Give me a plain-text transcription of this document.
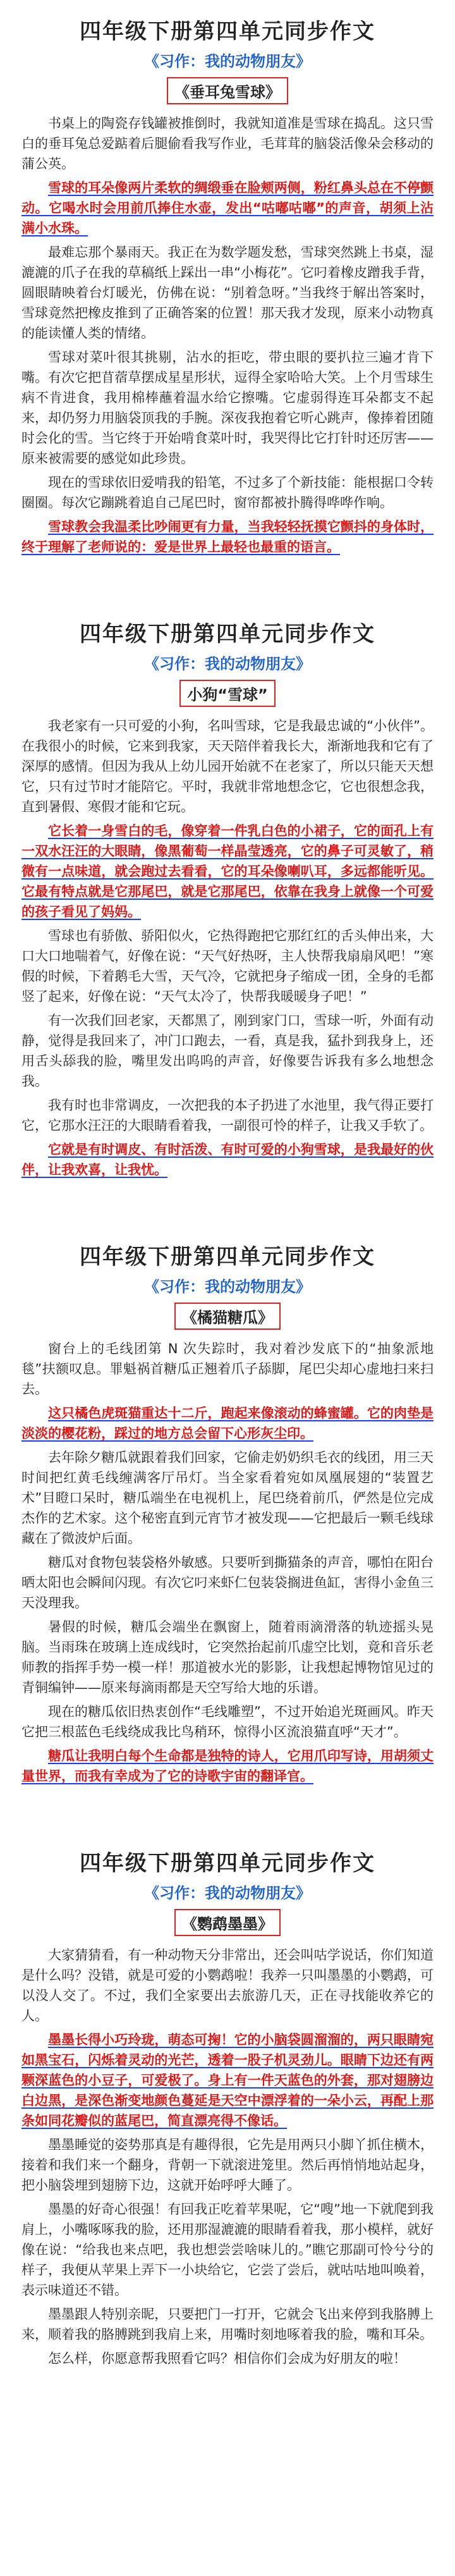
四年级下册第四单元同步作文
《习作：我的动物朋友》
《垂耳兔雪球》

书桌上的陶瓷存钱罐被推倒时，我就知道准是雪球在捣乱。这只雪白的垂耳兔总爱踮着后腿偷看我写作业，毛茸茸的脑袋活像朵会移动的蒲公英。

雪球的耳朵像两片柔软的绸缎垂在脸颊两侧，粉红鼻头总在不停颤动。它喝水时会用前爪捧住水壶，发出“咕嘟咕嘟”的声音，胡须上沾满小水珠。

最难忘那个暴雨天。我正在为数学题发愁，雪球突然跳上书桌，湿漉漉的爪子在我的草稿纸上踩出一串“小梅花”。它叼着橡皮蹭我手背，圆眼睛映着台灯暖光，仿佛在说：“别着急呀。”当我终于解出答案时，雪球竟然把橡皮推到了正确答案的位置！那天我才发现，原来小动物真的能读懂人类的情绪。

雪球对菜叶很其挑剔，沾水的拒吃，带虫眼的要扒拉三遍才肯下嘴。有次它把苜蓿草摆成星星形状，逗得全家哈哈大笑。上个月雪球生病不肯进食，我用棉棒蘸着温水给它擦嘴。它虚弱得连耳朵都支不起来，却仍努力用脑袋顶我的手腕。深夜我抱着它听心跳声，像捧着团随时会化的雪。当它终于开始啃食菜叶时，我哭得比它打针时还厉害——原来被需要的感觉如此珍贵。

现在的雪球依旧爱啃我的铅笔，不过多了个新技能：能根据口令转圈圈。每次它蹦跳着追自己尾巴时，窗帘都被扑腾得哗哗作响。

雪球教会我温柔比吵闹更有力量，当我轻轻抚摸它颤抖的身体时，终于理解了老师说的：爱是世界上最轻也最重的语言。

四年级下册第四单元同步作文
《习作：我的动物朋友》
小狗“雪球”

我老家有一只可爱的小狗，名叫雪球，它是我最忠诚的“小伙伴”。在我很小的时候，它来到我家，天天陪伴着我长大，渐渐地我和它有了深厚的感情。但因为我从上幼儿园开始就不在老家了，所以只能天天想它，只有过节时才能陪它。平时，我就非常地想念它，它也很想念我，直到暑假、寒假才能和它玩。

它长着一身雪白的毛，像穿着一件乳白色的小裙子，它的面孔上有一双水汪汪的大眼睛，像黑葡萄一样晶莹透亮，它的鼻子可灵敏了，稍微有一点味道，就会跑过去看看，它的耳朵像喇叭耳，多远都能听见。它最有特点就是它那尾巴，就是它那尾巴，依靠在我身上就像一个可爱的孩子看见了妈妈。

雪球也有骄傲、骄阳似火，它热得跑把它那红红的舌头伸出来，大口大口地喘着气，好像在说：“天气好热呀，主人快帮我扇扇风吧！”寒假的时候，下着鹅毛大雪，天气冷，它就把身子缩成一团，全身的毛都竖了起来，好像在说：“天气太冷了，快帮我暖暖身子吧！”

有一次我们回老家，天都黑了，刚到家门口，雪球一听，外面有动静，觉得是我回来了，冲门口跑去，一看，真是我，猛扑到我身上，还用舌头舔我的脸，嘴里发出呜呜的声音，好像要告诉我有多么地想念我。

我有时也非常调皮，一次把我的本子扔进了水池里，我气得正要打它，它那水汪汪的大眼睛看着我，一副很可怜的样子，让我又手软了。

它就是有时调皮、有时活泼、有时可爱的小狗雪球，是我最好的伙伴，让我欢喜，让我忧。

四年级下册第四单元同步作文
《习作：我的动物朋友》
《橘猫糖瓜》

窗台上的毛线团第 N 次失踪时，我对着沙发底下的“抽象派地毯”扶额叹息。罪魁祸首糖瓜正翘着爪子舔脚，尾巴尖却心虚地扫来扫去。

这只橘色虎斑猫重达十二斤，跑起来像滚动的蜂蜜罐。它的肉垫是淡淡的樱花粉，踩过的地方总会留下心形灰尘印。

去年除夕糖瓜就跟着我们回家，它偷走奶奶织毛衣的线团，用三天时间把红黄毛线缠满客厅吊灯。当全家看着宛如凤凰展翅的“装置艺术”目瞪口呆时，糖瓜端坐在电视机上，尾巴绕着前爪，俨然是位完成杰作的艺术家。这个秘密直到元宵节才被发现——它把最后一颗毛线球藏在了微波炉后面。

糖瓜对食物包装袋格外敏感。只要听到撕猫条的声音，哪怕在阳台晒太阳也会瞬间闪现。有次它叼来虾仁包装袋搁进鱼缸，害得小金鱼三天没理我。

暑假的时候，糖瓜会端坐在飘窗上，随着雨滴滑落的轨迹摇头晃脑。当雨珠在玻璃上连成线时，它突然抬起前爪虚空比划，竟和音乐老师教的指挥手势一模一样！那道被水光的影影，让我想起博物馆见过的青铜编钟——原来每滴雨都是天空写给大地的乐谱。

现在的糖瓜依旧热衷创作“毛线雕塑”，不过开始追光斑画风。昨天它把三根蓝色毛线绕成我比鸟稍环，惊得小区流浪猫直呼“天才”。

糖瓜让我明白每个生命都是独特的诗人，它用爪印写诗，用胡须丈量世界，而我有幸成为了它的诗歌宇宙的翻译官。

四年级下册第四单元同步作文
《习作：我的动物朋友》
《鹦鹉墨墨》

大家猜猜看，有一种动物天分非常出，还会叫咕学说话，你们知道是什么吗？没错，就是可爱的小鹦鹉啦！我养一只叫墨墨的小鹦鹉，可以没人交了。不过，我们全家要出去旅游几天，正在寻找能收养它的人。

墨墨长得小巧玲珑，萌态可掬！它的小脑袋圆溜溜的，两只眼睛宛如黑宝石，闪烁着灵动的光芒，透着一股子机灵劲儿。眼睛下边还有两颗深蓝色的小豆子，可爱极了。身上有一件天蓝色的外套，那对翅膀边白边黑，是深色渐变地颜色蔓延是天空中漂浮着的一朵小云，再配上那条如同花瓣似的蓝尾巴，简直漂亮得不像话。

墨墨睡觉的姿势那真是有趣得很，它先是用两只小脚丫抓住横木，接着和我们来一个翻身，背朝一下就滚进笼里。然后再悄悄地站起身，把小脑袋埋到翅膀下边，这就开始呼呼大睡了。

墨墨的好奇心很强！有回我正吃着苹果呢，它“嗖”地一下就爬到我肩上，小嘴啄啄我的脸，还用那湿漉漉的眼睛看着我，那小模样，就好像在说：“给我也来点吧，我也想尝尝啥味儿的。”瞧它那副可怜兮兮的样子，我便从苹果上弄下一小块给它，它尝了尝后，就咕咕地叫唤着，表示味道还不错。

墨墨跟人特别亲昵，只要把门一打开，它就会飞出来停到我胳膊上来，顺着我的胳膊跳到我肩上来，用嘴时刻地啄着我的脸，嘴和耳朵。

怎么样，你愿意帮我照看它吗？相信你们会成为好朋友的啦！
